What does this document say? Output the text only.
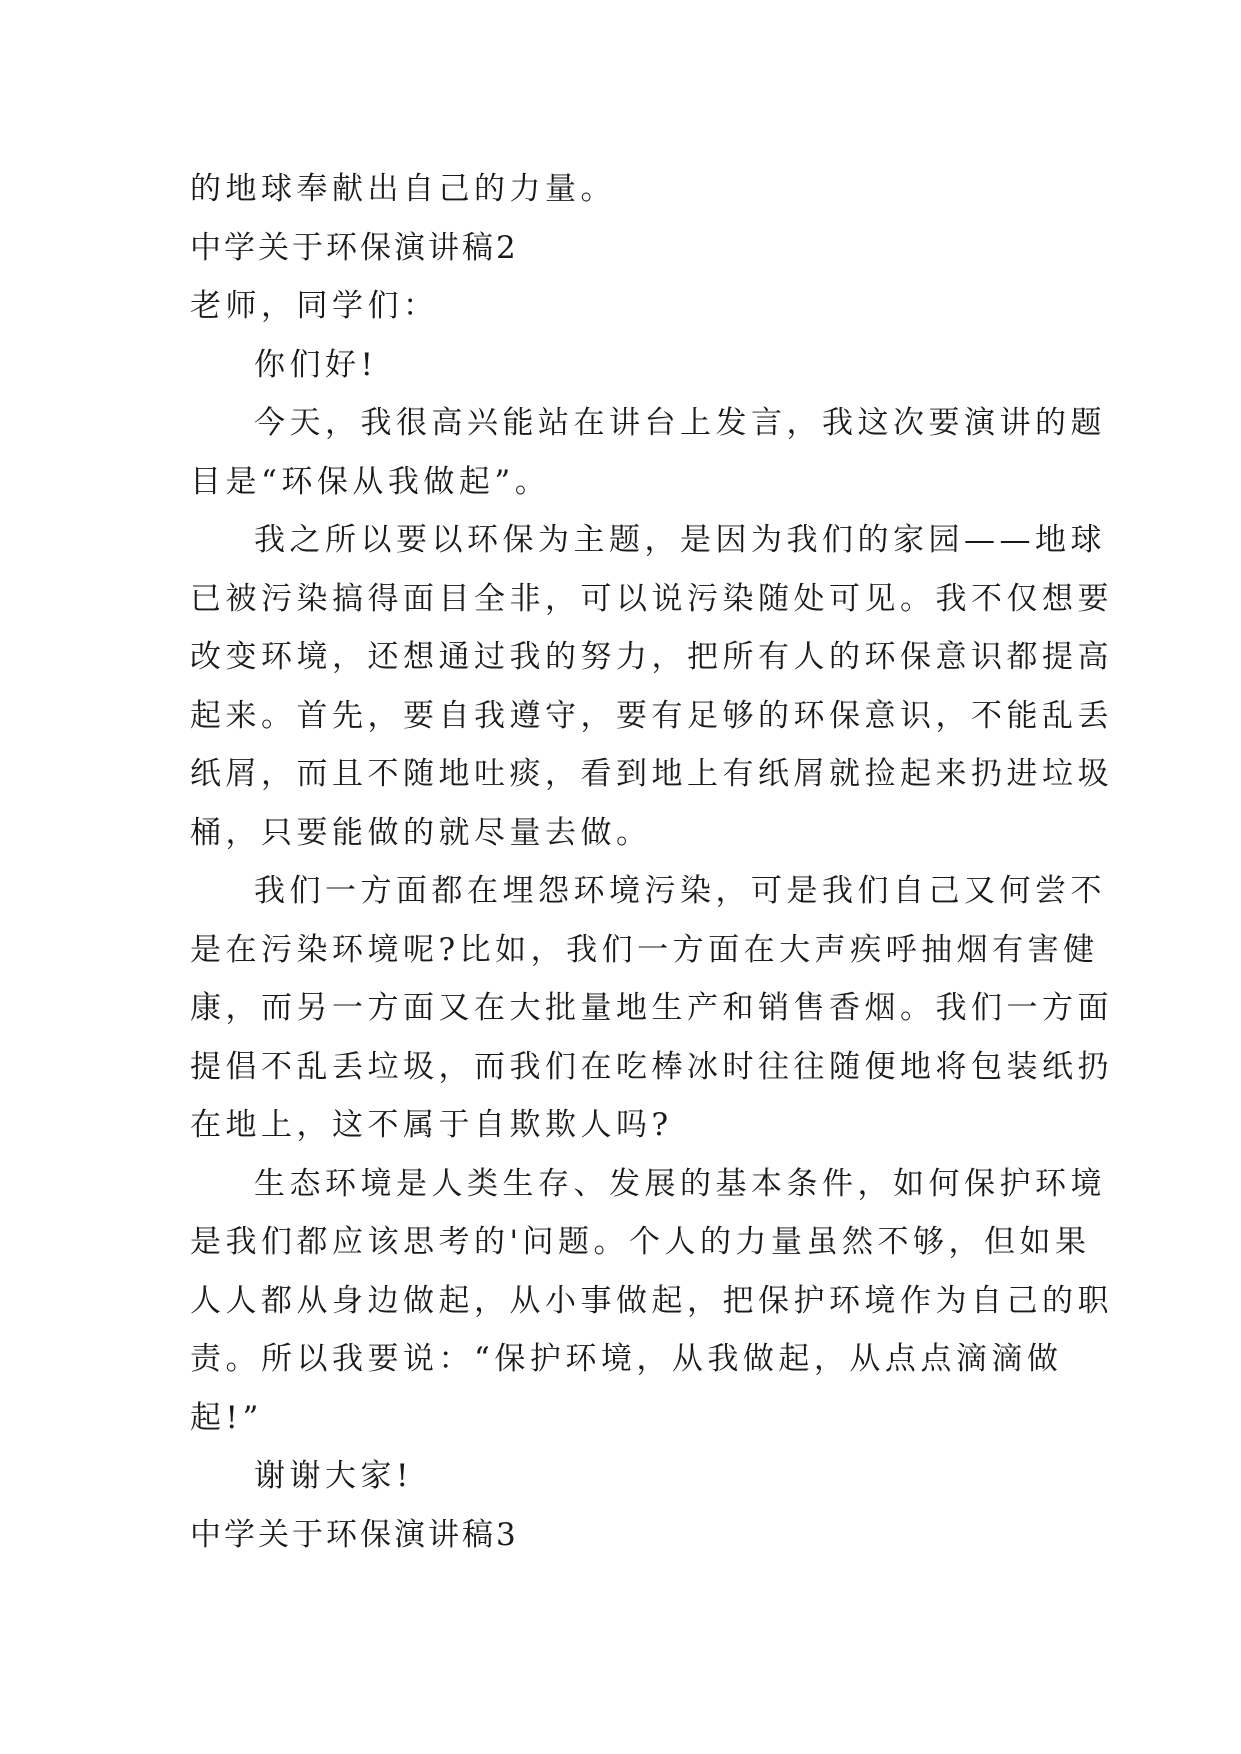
的地球奉献出自己的力量。
中学关于环保演讲稿2
老师，同学们：
你们好!
今天，我很高兴能站在讲台上发言，我这次要演讲的题
目是“环保从我做起”。
我之所以要以环保为主题，是因为我们的家园——地球
已被污染搞得面目全非，可以说污染随处可见。我不仅想要
改变环境，还想通过我的努力，把所有人的环保意识都提高
起来。首先，要自我遵守，要有足够的环保意识，不能乱丢
纸屑，而且不随地吐痰，看到地上有纸屑就捡起来扔进垃圾
桶，只要能做的就尽量去做。
我们一方面都在埋怨环境污染，可是我们自己又何尝不
是在污染环境呢?比如，我们一方面在大声疾呼抽烟有害健
康，而另一方面又在大批量地生产和销售香烟。我们一方面
提倡不乱丢垃圾，而我们在吃棒冰时往往随便地将包装纸扔
在地上，这不属于自欺欺人吗?
生态环境是人类生存、发展的基本条件，如何保护环境
是我们都应该思考的'问题。个人的力量虽然不够，但如果
人人都从身边做起，从小事做起，把保护环境作为自己的职
责。所以我要说：“保护环境，从我做起，从点点滴滴做
起!”
谢谢大家!
中学关于环保演讲稿3
